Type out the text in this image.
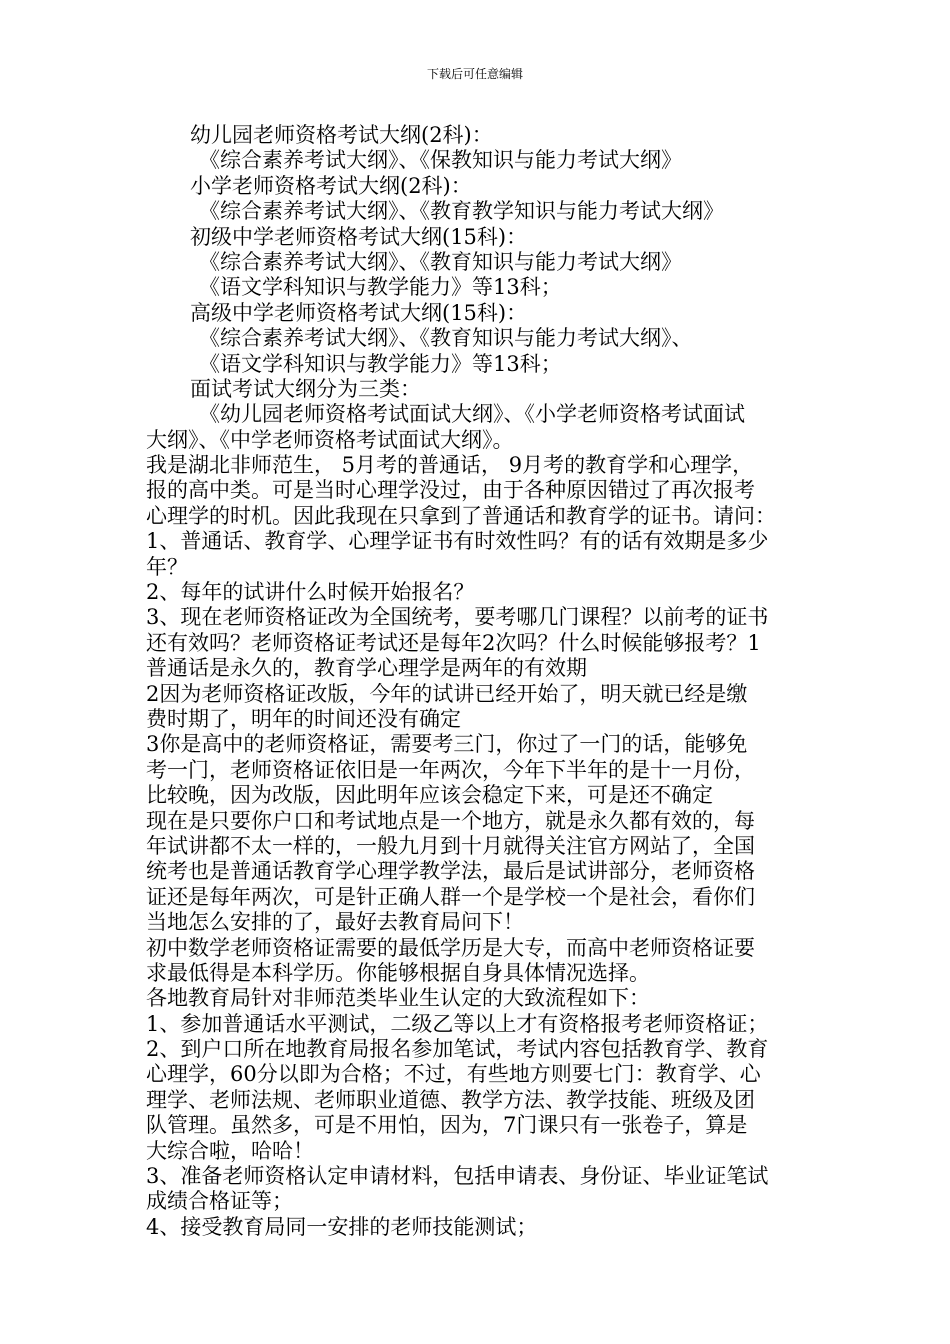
下载后可任意编辑
幼儿园老师资格考试大纲(2科)：
《综合素养考试大纲》、《保教知识与能力考试大纲》
小学老师资格考试大纲(2科)：
《综合素养考试大纲》、《教育教学知识与能力考试大纲》
初级中学老师资格考试大纲(15科)：
《综合素养考试大纲》、《教育知识与能力考试大纲》
《语文学科知识与教学能力》等13科；
高级中学老师资格考试大纲(15科)：
《综合素养考试大纲》、《教育知识与能力考试大纲》、
《语文学科知识与教学能力》等13科；
面试考试大纲分为三类：
《幼儿园老师资格考试面试大纲》、《小学老师资格考试面试
大纲》、《中学老师资格考试面试大纲》。
我是湖北非师范生， 5月考的普通话， 9月考的教育学和心理学，
报的高中类。可是当时心理学没过，由于各种原因错过了再次报考
心理学的时机。因此我现在只拿到了普通话和教育学的证书。请问：
1、普通话、教育学、心理学证书有时效性吗？有的话有效期是多少
年？
2、每年的试讲什么时候开始报名？
3、现在老师资格证改为全国统考，要考哪几门课程？以前考的证书
还有效吗？老师资格证考试还是每年2次吗？什么时候能够报考？1
普通话是永久的，教育学心理学是两年的有效期
2因为老师资格证改版，今年的试讲已经开始了，明天就已经是缴
费时期了，明年的时间还没有确定
3你是高中的老师资格证，需要考三门，你过了一门的话，能够免
考一门，老师资格证依旧是一年两次，今年下半年的是十一月份，
比较晚，因为改版，因此明年应该会稳定下来，可是还不确定
现在是只要你户口和考试地点是一个地方，就是永久都有效的，每
年试讲都不太一样的，一般九月到十月就得关注官方网站了，全国
统考也是普通话教育学心理学教学法，最后是试讲部分，老师资格
证还是每年两次，可是针正确人群一个是学校一个是社会，看你们
当地怎么安排的了，最好去教育局问下！
初中数学老师资格证需要的最低学历是大专，而高中老师资格证要
求最低得是本科学历。你能够根据自身具体情况选择。
各地教育局针对非师范类毕业生认定的大致流程如下：
1、参加普通话水平测试，二级乙等以上才有资格报考老师资格证；
2、到户口所在地教育局报名参加笔试，考试内容包括教育学、教育
心理学，60分以即为合格；不过，有些地方则要七门：教育学、心
理学、老师法规、老师职业道德、教学方法、教学技能、班级及团
队管理。虽然多，可是不用怕，因为，7门课只有一张卷子，算是
大综合啦，哈哈！
3、准备老师资格认定申请材料，包括申请表、身份证、毕业证笔试
成绩合格证等；
4、接受教育局同一安排的老师技能测试；
